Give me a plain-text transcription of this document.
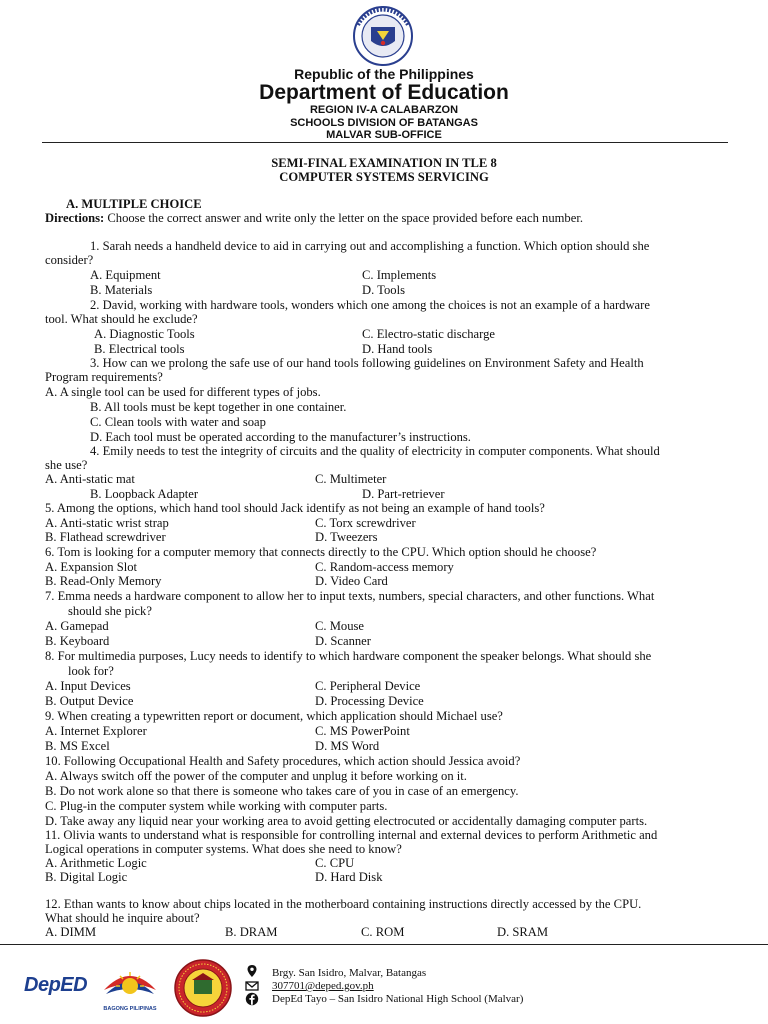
Republic of the Philippines
Department of Education
REGION IV-A CALABARZON
SCHOOLS DIVISION OF BATANGAS
MALVAR SUB-OFFICE
SEMI-FINAL EXAMINATION IN TLE 8
COMPUTER SYSTEMS SERVICING
A. MULTIPLE CHOICE
Directions: Choose the correct answer and write only the letter on the space provided before each number.
1. Sarah needs a handheld device to aid in carrying out and accomplishing a function. Which option should she
consider?
A. Equipment	C. Implements
B. Materials	D. Tools
2. David, working with hardware tools, wonders which one among the choices is not an example of a hardware
tool. What should he exclude?
A. Diagnostic Tools	C. Electro-static discharge
B. Electrical tools	D. Hand tools
3. How can we prolong the safe use of our hand tools following guidelines on Environment Safety and Health
Program requirements?
A. A single tool can be used for different types of jobs.
B. All tools must be kept together in one container.
C. Clean tools with water and soap
D. Each tool must be operated according to the manufacturer’s instructions.
4. Emily needs to test the integrity of circuits and the quality of electricity in computer components. What should
she use?
A. Anti-static mat	C. Multimeter
B. Loopback Adapter	D. Part-retriever
5. Among the options, which hand tool should Jack identify as not being an example of hand tools?
A. Anti-static wrist strap	C. Torx screwdriver
B. Flathead screwdriver	D. Tweezers
6. Tom is looking for a computer memory that connects directly to the CPU. Which option should he choose?
A. Expansion Slot	C. Random-access memory
B. Read-Only Memory	D. Video Card
7. Emma needs a hardware component to allow her to input texts, numbers, special characters, and other functions. What
should she pick?
A. Gamepad	C. Mouse
B. Keyboard	D. Scanner
8. For multimedia purposes, Lucy needs to identify to which hardware component the speaker belongs. What should she
look for?
A. Input Devices	C. Peripheral Device
B. Output Device	D. Processing Device
9. When creating a typewritten report or document, which application should Michael use?
A. Internet Explorer	C. MS PowerPoint
B. MS Excel	D. MS Word
10. Following Occupational Health and Safety procedures, which action should Jessica avoid?
A. Always switch off the power of the computer and unplug it before working on it.
B. Do not work alone so that there is someone who takes care of you in case of an emergency.
C. Plug-in the computer system while working with computer parts.
D. Take away any liquid near your working area to avoid getting electrocuted or accidentally damaging computer parts.
11. Olivia wants to understand what is responsible for controlling internal and external devices to perform Arithmetic and
Logical operations in computer systems. What does she need to know?
A. Arithmetic Logic	C. CPU
B. Digital Logic	D. Hard Disk
12. Ethan wants to know about chips located in the motherboard containing instructions directly accessed by the CPU.
What should he inquire about?
A. DIMM	B. DRAM	C. ROM	D. SRAM
DepED
BAGONG PILIPINAS
Brgy. San Isidro, Malvar, Batangas
307701@deped.gov.ph
DepEd Tayo – San Isidro National High School (Malvar)
